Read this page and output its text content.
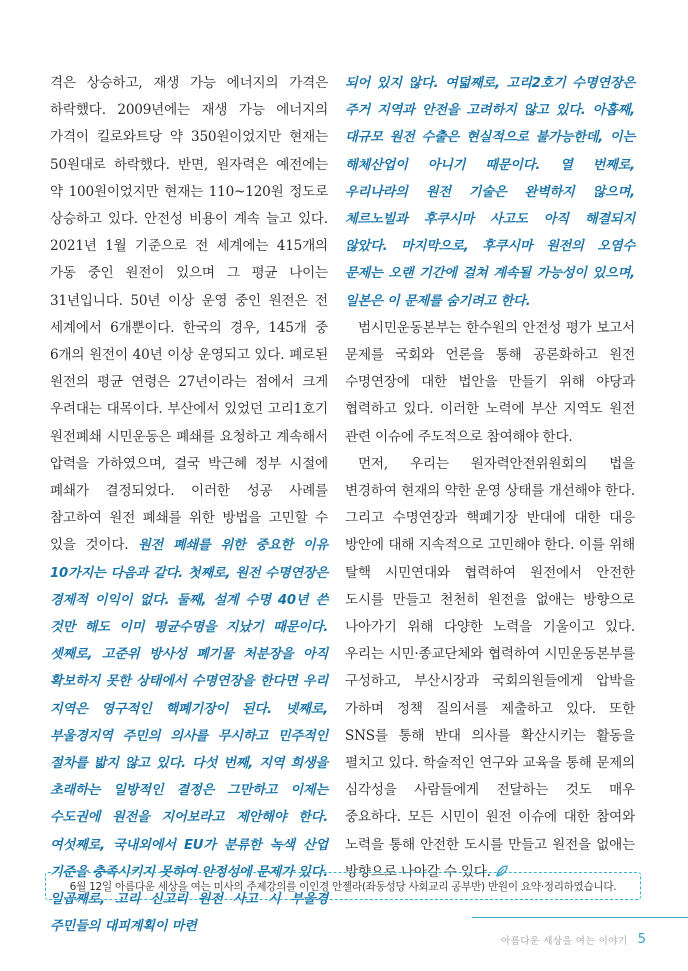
격은 상승하고, 재생 가능 에너지의 가격은 하락했다. 2009년에는 재생 가능 에너지의 가격이 킬로와트당 약 350원이었지만 현재는 50원대로 하락했다. 반면, 원자력은 예전에는 약 100원이었지만 현재는 110~120원 정도로 상승하고 있다. 안전성 비용이 계속 늘고 있다. 2021년 1월 기준으로 전 세계에는 415개의 가동 중인 원전이 있으며 그 평균 나이는 31년입니다. 50년 이상 운영 중인 원전은 전 세계에서 6개뿐이다. 한국의 경우, 145개 중 6개의 원전이 40년 이상 운영되고 있다. 폐로된 원전의 평균 연령은 27년이라는 점에서 크게 우려대는 대목이다. 부산에서 있었던 고리1호기 원전폐쇄 시민운동은 폐쇄를 요청하고 계속해서 압력을 가하였으며, 결국 박근혜 정부 시절에 폐쇄가 결정되었다. 이러한 성공 사례를 참고하여 원전 폐쇄를 위한 방법을 고민할 수 있을 것이다. 원전 폐쇄를 위한 중요한 이유 10가지는 다음과 같다. 첫째로, 원전 수명연장은 경제적 이익이 없다. 둘째, 설계 수명 40년 쓴 것만 해도 이미 평균수명을 지났기 때문이다. 셋째로, 고준위 방사성 폐기물 처분장을 아직 확보하지 못한 상태에서 수명연장을 한다면 우리 지역은 영구적인 핵폐기장이 된다. 넷째로, 부울경지역 주민의 의사를 무시하고 민주적인 절차를 밟지 않고 있다. 다섯 번째, 지역 희생을 초래하는 일방적인 결정은 그만하고 이제는 수도권에 원전을 지어보라고 제안해야 한다. 여섯째로, 국내외에서 EU가 분류한 녹색 산업 기준을 충족시키지 못하여 안정성에 문제가 있다. 일곱째로, 고리 신고리 원전 사고 시 부울경 주민들의 대피계획이 마련

되어 있지 않다. 여덟째로, 고리2호기 수명연장은 주거 지역과 안전을 고려하지 않고 있다. 아홉째, 대규모 원전 수출은 현실적으로 불가능한데, 이는 해체산업이 아니기 때문이다. 열 번째로, 우리나라의 원전 기술은 완벽하지 않으며, 체르노빌과 후쿠시마 사고도 아직 해결되지 않았다. 마지막으로, 후쿠시마 원전의 오염수 문제는 오랜 기간에 걸쳐 계속될 가능성이 있으며, 일본은 이 문제를 숨기려고 한다.

범시민운동본부는 한수원의 안전성 평가 보고서 문제를 국회와 언론을 통해 공론화하고 원전 수명연장에 대한 법안을 만들기 위해 야당과 협력하고 있다. 이러한 노력에 부산 지역도 원전 관련 이슈에 주도적으로 참여해야 한다.

먼저, 우리는 원자력안전위원회의 법을 변경하여 현재의 약한 운영 상태를 개선해야 한다. 그리고 수명연장과 핵폐기장 반대에 대한 대응 방안에 대해 지속적으로 고민해야 한다. 이를 위해 탈핵 시민연대와 협력하여 원전에서 안전한 도시를 만들고 천천히 원전을 없애는 방향으로 나아가기 위해 다양한 노력을 기울이고 있다. 우리는 시민·종교단체와 협력하여 시민운동본부를 구성하고, 부산시장과 국회의원들에게 압박을 가하며 정책 질의서를 제출하고 있다. 또한 SNS를 통해 반대 의사를 확산시키는 활동을 펼치고 있다. 학술적인 연구와 교육을 통해 문제의 심각성을 사람들에게 전달하는 것도 매우 중요하다. 모든 시민이 원전 이슈에 대한 참여와 노력을 통해 안전한 도시를 만들고 원전을 없애는 방향으로 나아갈 수 있다.

6월 12일 아름다운 세상을 여는 미사의 주제강의를 이인경 안젤라(좌동성당 사회교리 공부반) 반원이 요약·정리하였습니다.
아름다운 세상을 여는 이야기 5
